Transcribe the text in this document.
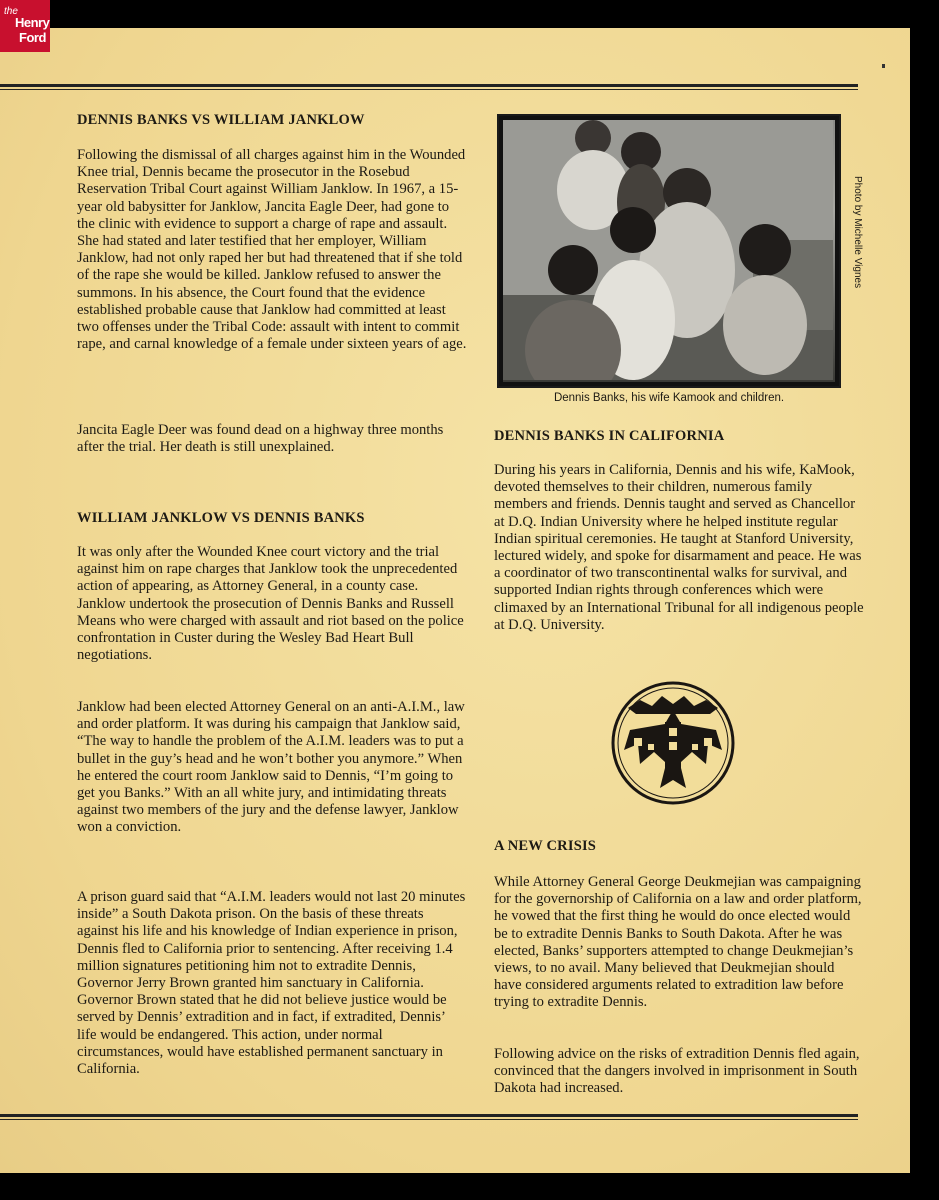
the
Henry
Ford
DENNIS BANKS VS WILLIAM JANKLOW

Following the dismissal of all charges against him in the Wounded Knee trial, Dennis became the prosecutor in the Rosebud Reservation Tribal Court against William Janklow. In 1967, a 15-year old babysitter for Janklow, Jancita Eagle Deer, had gone to the clinic with evidence to support a charge of rape and assault. She had stated and later testified that her employer, William Janklow, had not only raped her but had threatened that if she told of the rape she would be killed. Janklow refused to answer the summons. In his absence, the Court found that the evidence established probable cause that Janklow had committed at least two offenses under the Tribal Code: assault with intent to commit rape, and carnal knowledge of a female under sixteen years of age.

Jancita Eagle Deer was found dead on a highway three months after the trial. Her death is still unexplained.

WILLIAM JANKLOW VS DENNIS BANKS

It was only after the Wounded Knee court victory and the trial against him on rape charges that Janklow took the unprecedented action of appearing, as Attorney General, in a county case. Janklow undertook the prosecution of Dennis Banks and Russell Means who were charged with assault and riot based on the police confrontation in Custer during the Wesley Bad Heart Bull negotiations.

Janklow had been elected Attorney General on an anti-A.I.M., law and order platform. It was during his campaign that Janklow said, “The way to handle the problem of the A.I.M. leaders was to put a bullet in the guy’s head and he won’t bother you anymore.” When he entered the court room Janklow said to Dennis, “I’m going to get you Banks.” With an all white jury, and intimidating threats against two members of the jury and the defense lawyer, Janklow won a conviction.

A prison guard said that “A.I.M. leaders would not last 20 minutes inside” a South Dakota prison. On the basis of these threats against his life and his knowledge of Indian experience in prison, Dennis fled to California prior to sentencing. After receiving 1.4 million signatures petitioning him not to extradite Dennis, Governor Jerry Brown granted him sanctuary in California. Governor Brown stated that he did not believe justice would be served by Dennis’ extradition and in fact, if extradited, Dennis’ life would be endangered. This action, under normal circumstances, would have established permanent sanctuary in California.

Dennis Banks, his wife Kamook and children.
Photo by Michelle Vignes
DENNIS BANKS IN CALIFORNIA

During his years in California, Dennis and his wife, KaMook, devoted themselves to their children, numerous family members and friends. Dennis taught and served as Chancellor at D.Q. Indian University where he helped institute regular Indian spiritual ceremonies. He taught at Stanford University, lectured widely, and spoke for disarmament and peace. He was a coordinator of two transcontinental walks for survival, and supported Indian rights through conferences which were climaxed by an International Tribunal for all indigenous people at D.Q. University.

A NEW CRISIS

While Attorney General George Deukmejian was campaigning for the governorship of California on a law and order platform, he vowed that the first thing he would do once elected would be to extradite Dennis Banks to South Dakota. After he was elected, Banks’ supporters attempted to change Deukmejian’s views, to no avail. Many believed that Deukmejian should have considered arguments related to extradition law before trying to extradite Dennis.

Following advice on the risks of extradition Dennis fled again, convinced that the dangers involved in imprisonment in South Dakota had increased.
